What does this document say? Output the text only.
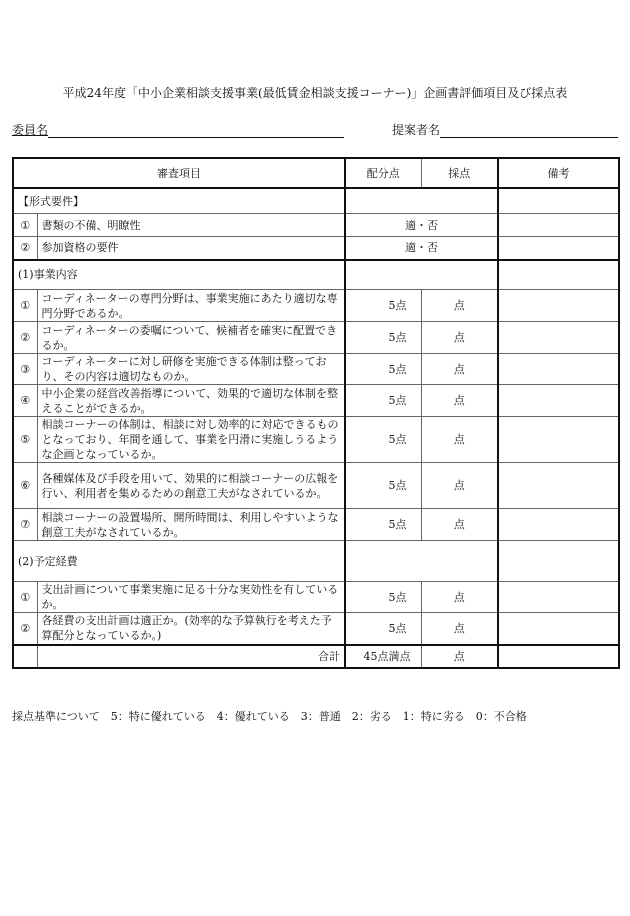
平成24年度「中小企業相談支援事業(最低賃金相談支援コーナー)」企画書評価項目及び採点表
委員名	提案者名
審査項目		配分点	採点	備考
【形式要件】				
①	書類の不備、明瞭性	適・否		
②	参加資格の要件	適・否		
(1)事業内容				
①	コーディネーターの専門分野は、事業実施にあたり適切な専門分野であるか。	5点	点	
②	コーディネーターの委嘱について、候補者を確実に配置できるか。	5点	点	
③	コーディネーターに対し研修を実施できる体制は整っており、その内容は適切なものか。	5点	点	
④	中小企業の経営改善指導について、効果的で適切な体制を整えることができるか。	5点	点	
⑤	相談コーナーの体制は、相談に対し効率的に対応できるものとなっており、年間を通して、事業を円滑に実施しうるような企画となっているか。	5点	点	
⑥	各種媒体及び手段を用いて、効果的に相談コーナーの広報を行い、利用者を集めるための創意工夫がなされているか。	5点	点	
⑦	相談コーナーの設置場所、開所時間は、利用しやすいような創意工夫がなされているか。	5点	点	
(2)予定経費				
①	支出計画について事業実施に足る十分な実効性を有しているか。	5点	点	
②	各経費の支出計画は適正か。(効率的な予算執行を考えた予算配分となっているか。)	5点	点	
	合計	45点満点	点	
採点基準について　5：特に優れている　4：優れている　3：普通　2：劣る　1：特に劣る　0：不合格
